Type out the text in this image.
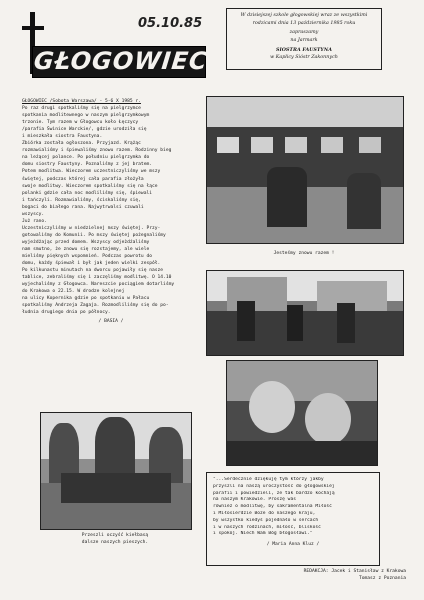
GŁOGOWIEC
05.10.85
W dzisiejszej szkole głogowskiej wraz ze wszystkimi
rodzicami dnia 13 października 1985 roku
zapraszamy
na Jarmark
SIOSTRA FAUSTYNA
w Kaplicy Sióstr Zakonnych

GŁOGOWIEC /Sobota Warszawa/ - 5-6 X 1985 r.

Po raz drugi spotkaliśmy się na pielgrzymce
spotkania modlitewnego w naszym pielgrzymkowym
trzonie. Tym razem w Głogowcu koło Łęczycy
/parafia Świnice Warckie/, gdzie urodziła się
i mieszkała siostra Faustyna.
Zbiórka została ogłoszona. Przyjazd. Krążąc
rozmawialiśmy i śpiewaliśmy znowu razem. Rodzinny bieg
na leżącej polance. Po południu pielgrzymka do
domu siostry Faustyny. Poznaliśmy z jej bratem.
Potem modlitwa. Wieczorem uczestniczyliśmy we mszy
świętej, podczas której cała parafia złożyła
swoje modlitwy. Wieczorem spotkaliśmy się na łące
polanki gdzie cała noc modliliśmy się, śpiewali
i tańczyli. Rozmawialiśmy, ściskaliśmy się,
bogaci do białego rana. Najwytrwalsi czuwali
wszyscy.
Już rano.
Uczestniczyliśmy w niedzielnej mszy świętej. Przy-
gotowaliśmy do Komunii. Po mszy świętej pożegnaliśmy
wyjeżdżając przed domem. Wszyscy odjeżdżaliśmy
nam smutno, że znowu się rozstajemy, ale wiele
mieliśmy pięknych wspomnień. Podczas powrotu do
domu, każdy śpiewał i był jak jeden wielki zespół.
Po kilkunastu minutach na dworcu pojawiły się nasze
tablice, zebraliśmy się i zaczęliśmy modlitwę. O 14.10
wyjechaliśmy z Głogowca. Nareszcie pociągiem dotarliśmy
do Krakowa o 22.15. W drodze kolejnej
na ulicy Kopernika gdzie po spotkaniu w Pałacu
spotkaliśmy Andrzeja Zagaja. Rozmodliliśmy się do po-
łudnia drugiego dnia po północy.

/ BASIA /

Jesteśmy znowu razem !
Przeszli oczyść kiełbasą
dalsze naszych pieszych.
"...Serdecznie dziękuję tym którzy jakby
przyszli na naszą uroczystość do głogowskiej
parafii i powiedzieli, że tak bardzo kochają
na naszym Krakowie. Proszę was
również o modlitwę, by sakramentalna Miłość
i Miłosierdzie Boże do naszego kraju,
by wszystko kiedyś pojednało w sercach
i w naszych rodzinach, miłość, bliskość
i spokój. Niech Wam Bóg błogosławi."
/ Maria Anna Kluz /
REDAKCJA: Jacek i Stanisław z Krakowa
Tomasz z Poznania
